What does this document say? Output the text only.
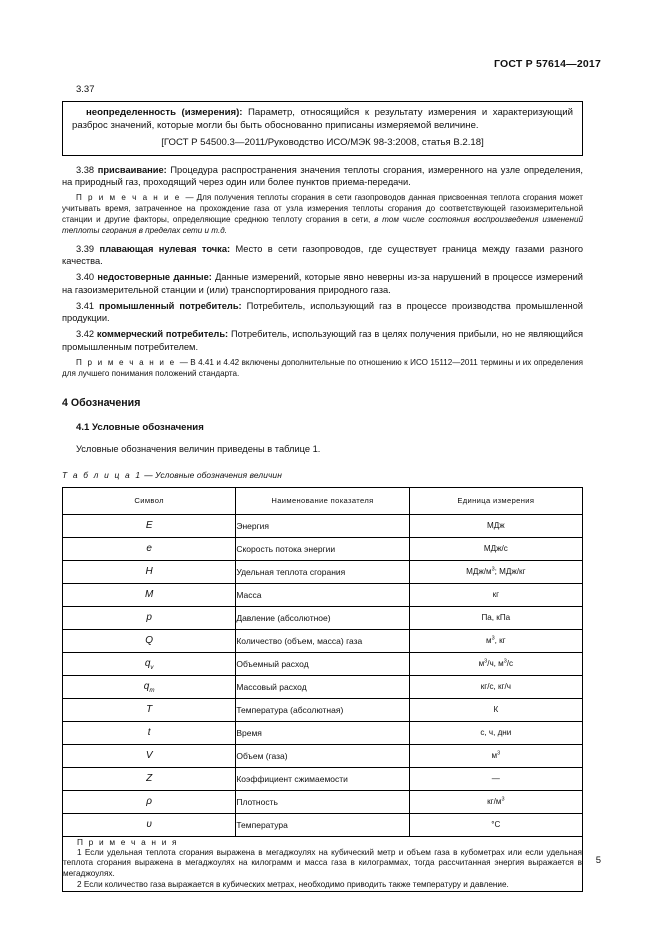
ГОСТ Р 57614—2017
3.37

неопределенность (измерения): Параметр, относящийся к результату измерения и характеризующий разброс значений, которые могли бы быть обоснованно приписаны измеряемой величине.

[ГОСТ Р 54500.3—2011/Руководство ИСО/МЭК 98-3:2008, статья В.2.18]

3.38 присваивание: Процедура распространения значения теплоты сгорания, измеренного на узле определения, на природный газ, проходящий через один или более пунктов приема-передачи.

П р и м е ч а н и е — Для получения теплоты сгорания в сети газопроводов данная присвоенная теплота сгорания может учитывать время, затраченное на прохождение газа от узла измерения теплоты сгорания до соответствующей газоизмерительной станции и другие факторы, определяющие среднюю теплоту сгорания в сети, в том числе состояния воспроизведения изменений теплоты сгорания в пределах сети и т.д.

3.39 плавающая нулевая точка: Место в сети газопроводов, где существует граница между газами разного качества.

3.40 недостоверные данные: Данные измерений, которые явно неверны из-за нарушений в процессе измерений на газоизмерительной станции и (или) транспортирования природного газа.

3.41 промышленный потребитель: Потребитель, использующий газ в процессе производства промышленной продукции.

3.42 коммерческий потребитель: Потребитель, использующий газ в целях получения прибыли, но не являющийся промышленным потребителем.

П р и м е ч а н и е — В 4.41 и 4.42 включены дополнительные по отношению к ИСО 15112—2011 термины и их определения для лучшего понимания положений стандарта.

4 Обозначения
4.1 Условные обозначения

Условные обозначения величин приведены в таблице 1.

Т а б л и ц а 1 — Условные обозначения величин
Символ	Наименование показателя	Единица измерения
E	Энергия	МДж
e	Скорость потока энергии	МДж/с
H	Удельная теплота сгорания	МДж/$м^3$; МДж/кг
M	Масса	кг
p	Давление (абсолютное)	Па, кПа
Q	Количество (объем, масса) газа	$м^3$, кг
$q_v$	Объемный расход	$м^3/ч$, $м^3/с$
$q_m$	Массовый расход	кг/с, кг/ч
T	Температура (абсолютная)	К
t	Время	с, ч, дни
V	Объем (газа)	$м^3$
Z	Коэффициент сжимаемости	—
ρ	Плотность	$кг/м^3$
υ	Температура	°С

П р и м е ч а н и я

1 Если удельная теплота сгорания выражена в мегаджоулях на кубический метр и объем газа в кубометрах или если удельная теплота сгорания выражена в мегаджоулях на килограмм и масса газа в килограммах, тогда рассчитанная энергия выражается в мегаджоулях.

2 Если количество газа выражается в кубических метрах, необходимо приводить также температуру и давление.		

5
